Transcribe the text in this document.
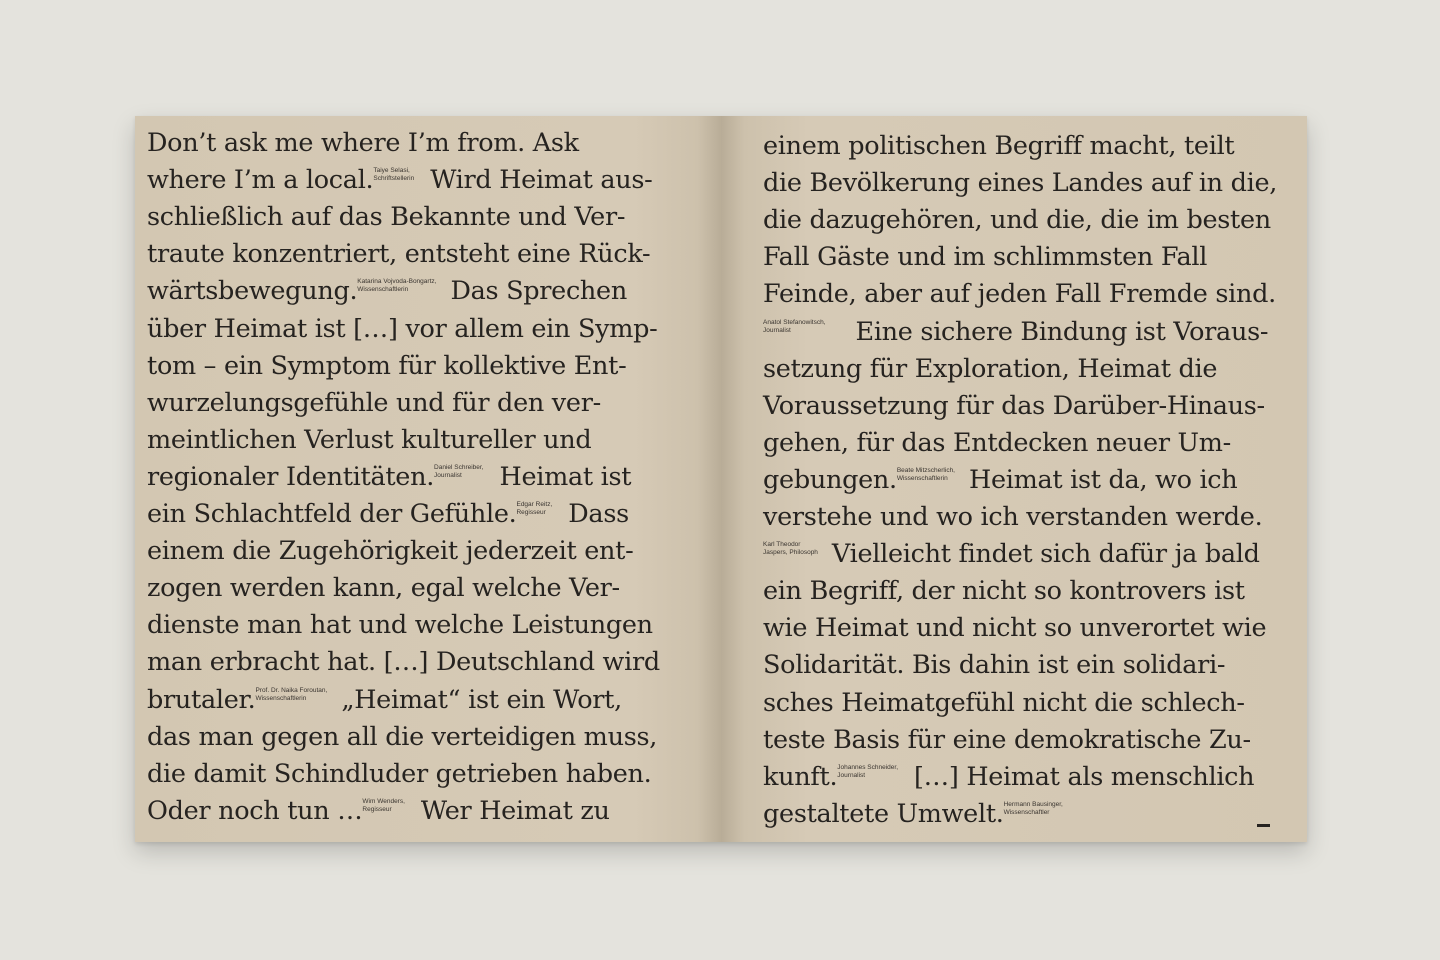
Don’t ask me where I’m from. Ask
where I’m a local. Taiye Selasi,
Schriftstellerin Wird Heimat aus-
schließlich auf das Bekannte und Ver-
traute konzentriert, entsteht eine Rück-
wärtsbewegung. Katarina Vojvoda-Bongartz,
Wissenschaftlerin	Das Sprechen
über Heimat ist […] vor allem ein Symp-
tom – ein Symptom für kollektive Ent-
wurzelungsgefühle und für den ver-
meintlichen Verlust kultureller und
regionaler Identitäten. Daniel Schreiber,
Journalist	Heimat ist
ein Schlachtfeld der Gefühle. Edgar Reitz,
Regisseur Dass
einem die Zugehörigkeit jederzeit ent-
zogen werden kann, egal welche Ver-
dienste man hat und welche Leistungen
man erbracht hat. […] Deutschland wird
brutaler. Prof. Dr. Naika Foroutan,
Wissenschaftlerin	„Heimat“ ist ein Wort,
das man gegen all die verteidigen muss,
die damit Schindluder getrieben haben.
Oder noch tun … Wim Wenders,
Regisseur	Wer Heimat zu
einem politischen Begriff macht, teilt
die Bevölkerung eines Landes auf in die,
die dazugehören, und die, die im besten
Fall Gäste und im schlimmsten Fall
Feinde, aber auf jeden Fall Fremde sind.
Anatol Stefanowitsch,
Journalist	Eine sichere Bindung ist Voraus-
setzung für Exploration, Heimat die
Voraussetzung für das Darüber-Hinaus-
gehen, für das Entdecken neuer Um-
gebungen. Beate Mitzscherlich,
Wissenschaftlerin Heimat ist da, wo ich
verstehe und wo ich verstanden werde.
Karl Theodor
Jaspers, Philosoph Vielleicht findet sich dafür ja bald
ein Begriff, der nicht so kontrovers ist
wie Heimat und nicht so unverortet wie
Solidarität. Bis dahin ist ein solidari-
sches Heimatgefühl nicht die schlech-
teste Basis für eine demokratische Zu-
kunft. Johannes Schneider,
Journalist	[…] Heimat als menschlich
gestaltete Umwelt. Hermann Bausinger,
Wissenschaftler
